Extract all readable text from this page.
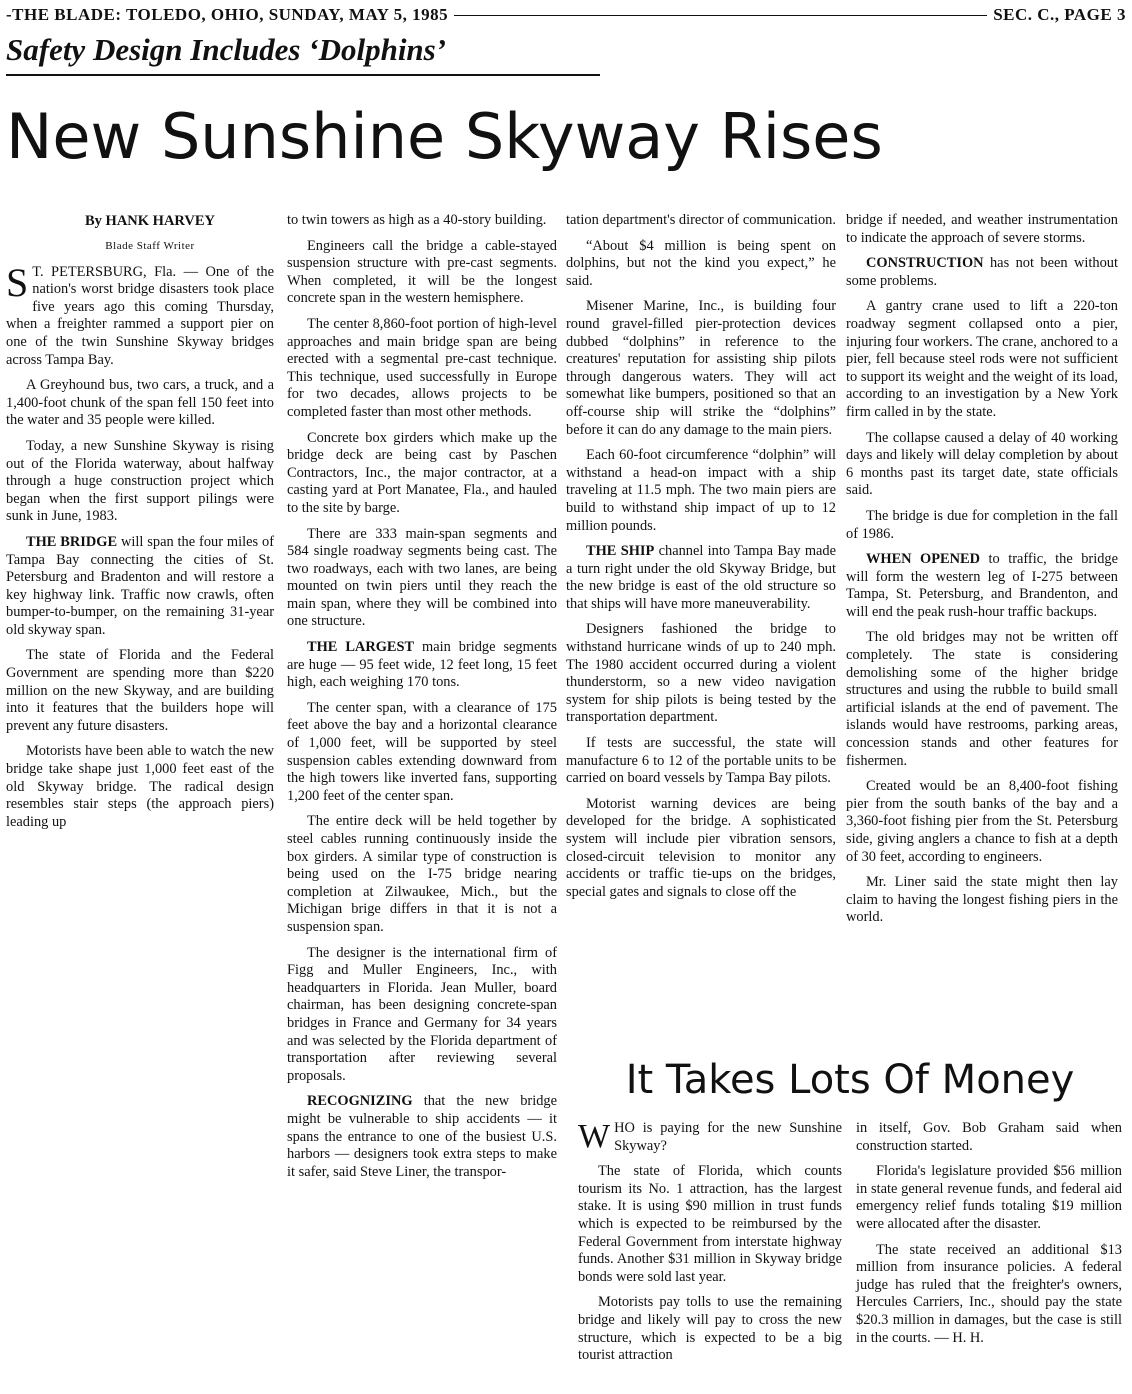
-THE BLADE: TOLEDO, OHIO, SUNDAY, MAY 5, 1985	SEC. C., PAGE 3
Safety Design Includes ‘Dolphins’
New Sunshine Skyway Rises

By HANK HARVEY

Blade Staff Writer

S T. PETERSBURG, Fla. — One of the nation's worst bridge disasters took place five years ago this coming Thursday, when a freighter rammed a support pier on one of the twin Sunshine Skyway bridges across Tampa Bay.

A Greyhound bus, two cars, a truck, and a 1,400-foot chunk of the span fell 150 feet into the water and 35 people were killed.

Today, a new Sunshine Skyway is rising out of the Florida waterway, about halfway through a huge construction project which began when the first support pilings were sunk in June, 1983.

THE BRIDGE will span the four miles of Tampa Bay connecting the cities of St. Petersburg and Bradenton and will restore a key highway link. Traffic now crawls, often bumper-to-bumper, on the remaining 31-year old skyway span.

The state of Florida and the Federal Government are spending more than $220 million on the new Skyway, and are building into it features that the builders hope will prevent any future disasters.

Motorists have been able to watch the new bridge take shape just 1,000 feet east of the old Skyway bridge. The radical design resembles stair steps (the approach piers) leading up

to twin towers as high as a 40-story building.

Engineers call the bridge a cable-stayed suspension structure with pre-cast segments. When completed, it will be the longest concrete span in the western hemisphere.

The center 8,860-foot portion of high-level approaches and main bridge span are being erected with a segmental pre-cast technique. This technique, used successfully in Europe for two decades, allows projects to be completed faster than most other methods.

Concrete box girders which make up the bridge deck are being cast by Paschen Contractors, Inc., the major contractor, at a casting yard at Port Manatee, Fla., and hauled to the site by barge.

There are 333 main-span segments and 584 single roadway segments being cast. The two roadways, each with two lanes, are being mounted on twin piers until they reach the main span, where they will be combined into one structure.

THE LARGEST main bridge segments are huge — 95 feet wide, 12 feet long, 15 feet high, each weighing 170 tons.

The center span, with a clearance of 175 feet above the bay and a horizontal clearance of 1,000 feet, will be supported by steel suspension cables extending downward from the high towers like inverted fans, supporting 1,200 feet of the center span.

The entire deck will be held together by steel cables running continuously inside the box girders. A similar type of construction is being used on the I-75 bridge nearing completion at Zilwaukee, Mich., but the Michigan brige differs in that it is not a suspension span.

The designer is the international firm of Figg and Muller Engineers, Inc., with headquarters in Florida. Jean Muller, board chairman, has been designing concrete-span bridges in France and Germany for 34 years and was selected by the Florida department of transportation after reviewing several proposals.

RECOGNIZING that the new bridge might be vulnerable to ship accidents — it spans the entrance to one of the busiest U.S. harbors — designers took extra steps to make it safer, said Steve Liner, the transpor-

tation department's director of communication.

“About $4 million is being spent on dolphins, but not the kind you expect,” he said.

Misener Marine, Inc., is building four round gravel-filled pier-protection devices dubbed “dolphins” in reference to the creatures' reputation for assisting ship pilots through dangerous waters. They will act somewhat like bumpers, positioned so that an off-course ship will strike the “dolphins” before it can do any damage to the main piers.

Each 60-foot circumference “dolphin” will withstand a head-on impact with a ship traveling at 11.5 mph. The two main piers are build to withstand ship impact of up to 12 million pounds.

THE SHIP channel into Tampa Bay made a turn right under the old Skyway Bridge, but the new bridge is east of the old structure so that ships will have more maneuverability.

Designers fashioned the bridge to withstand hurricane winds of up to 240 mph. The 1980 accident occurred during a violent thunderstorm, so a new video navigation system for ship pilots is being tested by the transportation department.

If tests are successful, the state will manufacture 6 to 12 of the portable units to be carried on board vessels by Tampa Bay pilots.

Motorist warning devices are being developed for the bridge. A sophisticated system will include pier vibration sensors, closed-circuit television to monitor any accidents or traffic tie-ups on the bridges, special gates and signals to close off the

bridge if needed, and weather instrumentation to indicate the approach of severe storms.

CONSTRUCTION has not been without some problems.

A gantry crane used to lift a 220-ton roadway segment collapsed onto a pier, injuring four workers. The crane, anchored to a pier, fell because steel rods were not sufficient to support its weight and the weight of its load, according to an investigation by a New York firm called in by the state.

The collapse caused a delay of 40 working days and likely will delay completion by about 6 months past its target date, state officials said.

The bridge is due for completion in the fall of 1986.

WHEN OPENED to traffic, the bridge will form the western leg of I-275 between Tampa, St. Petersburg, and Brandenton, and will end the peak rush-hour traffic backups.

The old bridges may not be written off completely. The state is considering demolishing some of the higher bridge structures and using the rubble to build small artificial islands at the end of pavement. The islands would have restrooms, parking areas, concession stands and other features for fishermen.

Created would be an 8,400-foot fishing pier from the south banks of the bay and a 3,360-foot fishing pier from the St. Petersburg side, giving anglers a chance to fish at a depth of 30 feet, according to engineers.

Mr. Liner said the state might then lay claim to having the longest fishing piers in the world.

It Takes Lots Of Money

WHO is paying for the new Sunshine Skyway?

The state of Florida, which counts tourism its No. 1 attraction, has the largest stake. It is using $90 million in trust funds which is expected to be reimbursed by the Federal Government from interstate highway funds. Another $31 million in Skyway bridge bonds were sold last year.

Motorists pay tolls to use the remaining bridge and likely will pay to cross the new structure, which is expected to be a big tourist attraction

in itself, Gov. Bob Graham said when construction started.

Florida's legislature provided $56 million in state general revenue funds, and federal aid emergency relief funds totaling $19 million were allocated after the disaster.

The state received an additional $13 million from insurance policies. A federal judge has ruled that the freighter's owners, Hercules Carriers, Inc., should pay the state $20.3 million in damages, but the case is still in the courts. — H. H.
